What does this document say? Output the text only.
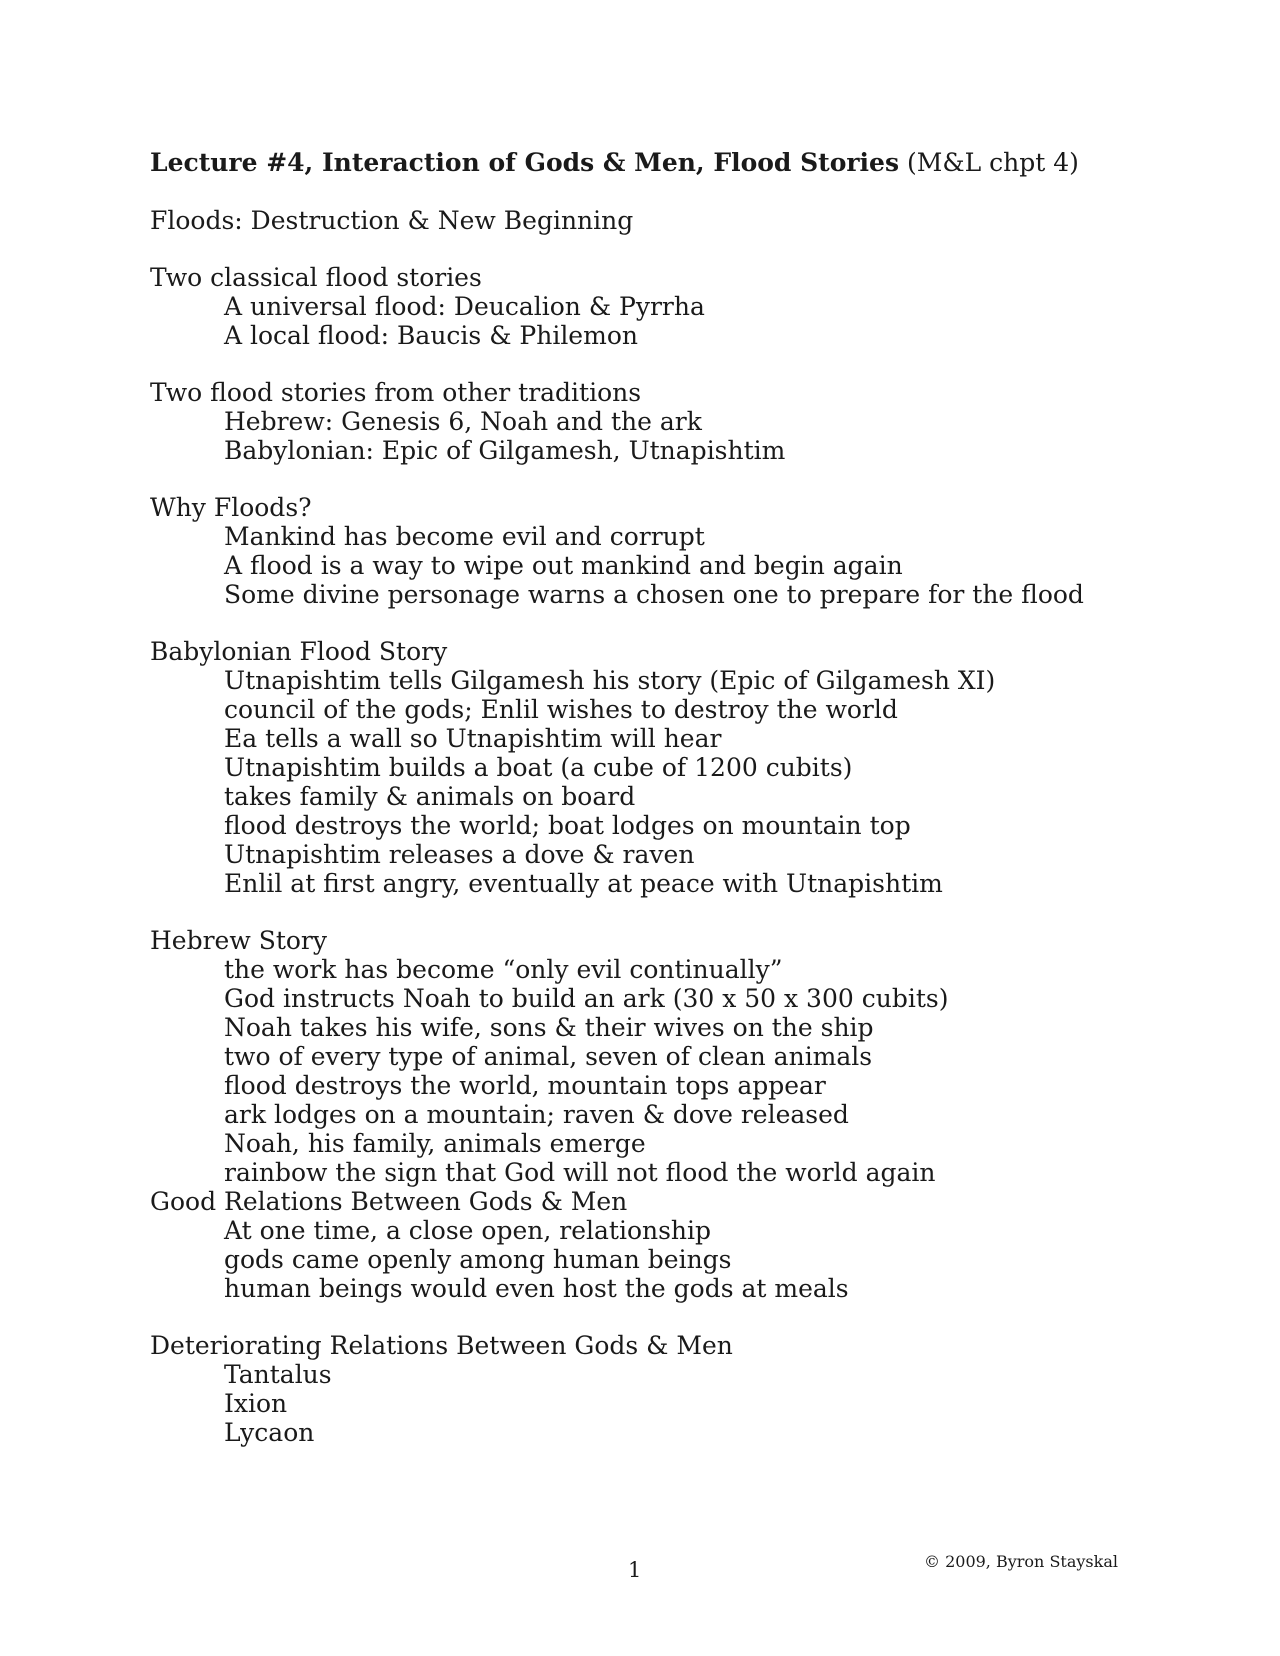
Lecture #4, Interaction of Gods & Men, Flood Stories (M&L chpt 4)

Floods: Destruction & New Beginning

Two classical flood stories

A universal flood: Deucalion & Pyrrha

A local flood: Baucis & Philemon

Two flood stories from other traditions

Hebrew: Genesis 6, Noah and the ark

Babylonian: Epic of Gilgamesh, Utnapishtim

Why Floods?

Mankind has become evil and corrupt

A flood is a way to wipe out mankind and begin again

Some divine personage warns a chosen one to prepare for the flood

Babylonian Flood Story

Utnapishtim tells Gilgamesh his story (Epic of Gilgamesh XI)

council of the gods; Enlil wishes to destroy the world

Ea tells a wall so Utnapishtim will hear

Utnapishtim builds a boat (a cube of 1200 cubits)

takes family & animals on board

flood destroys the world; boat lodges on mountain top

Utnapishtim releases a dove & raven

Enlil at first angry, eventually at peace with Utnapishtim

Hebrew Story

the work has become “only evil continually”

God instructs Noah to build an ark (30 x 50 x 300 cubits)

Noah takes his wife, sons & their wives on the ship

two of every type of animal, seven of clean animals

flood destroys the world, mountain tops appear

ark lodges on a mountain; raven & dove released

Noah, his family, animals emerge

rainbow the sign that God will not flood the world again

Good Relations Between Gods & Men

At one time, a close open, relationship

gods came openly among human beings

human beings would even host the gods at meals

Deteriorating Relations Between Gods & Men

Tantalus

Ixion

Lycaon

1	© 2009, Byron Stayskal
